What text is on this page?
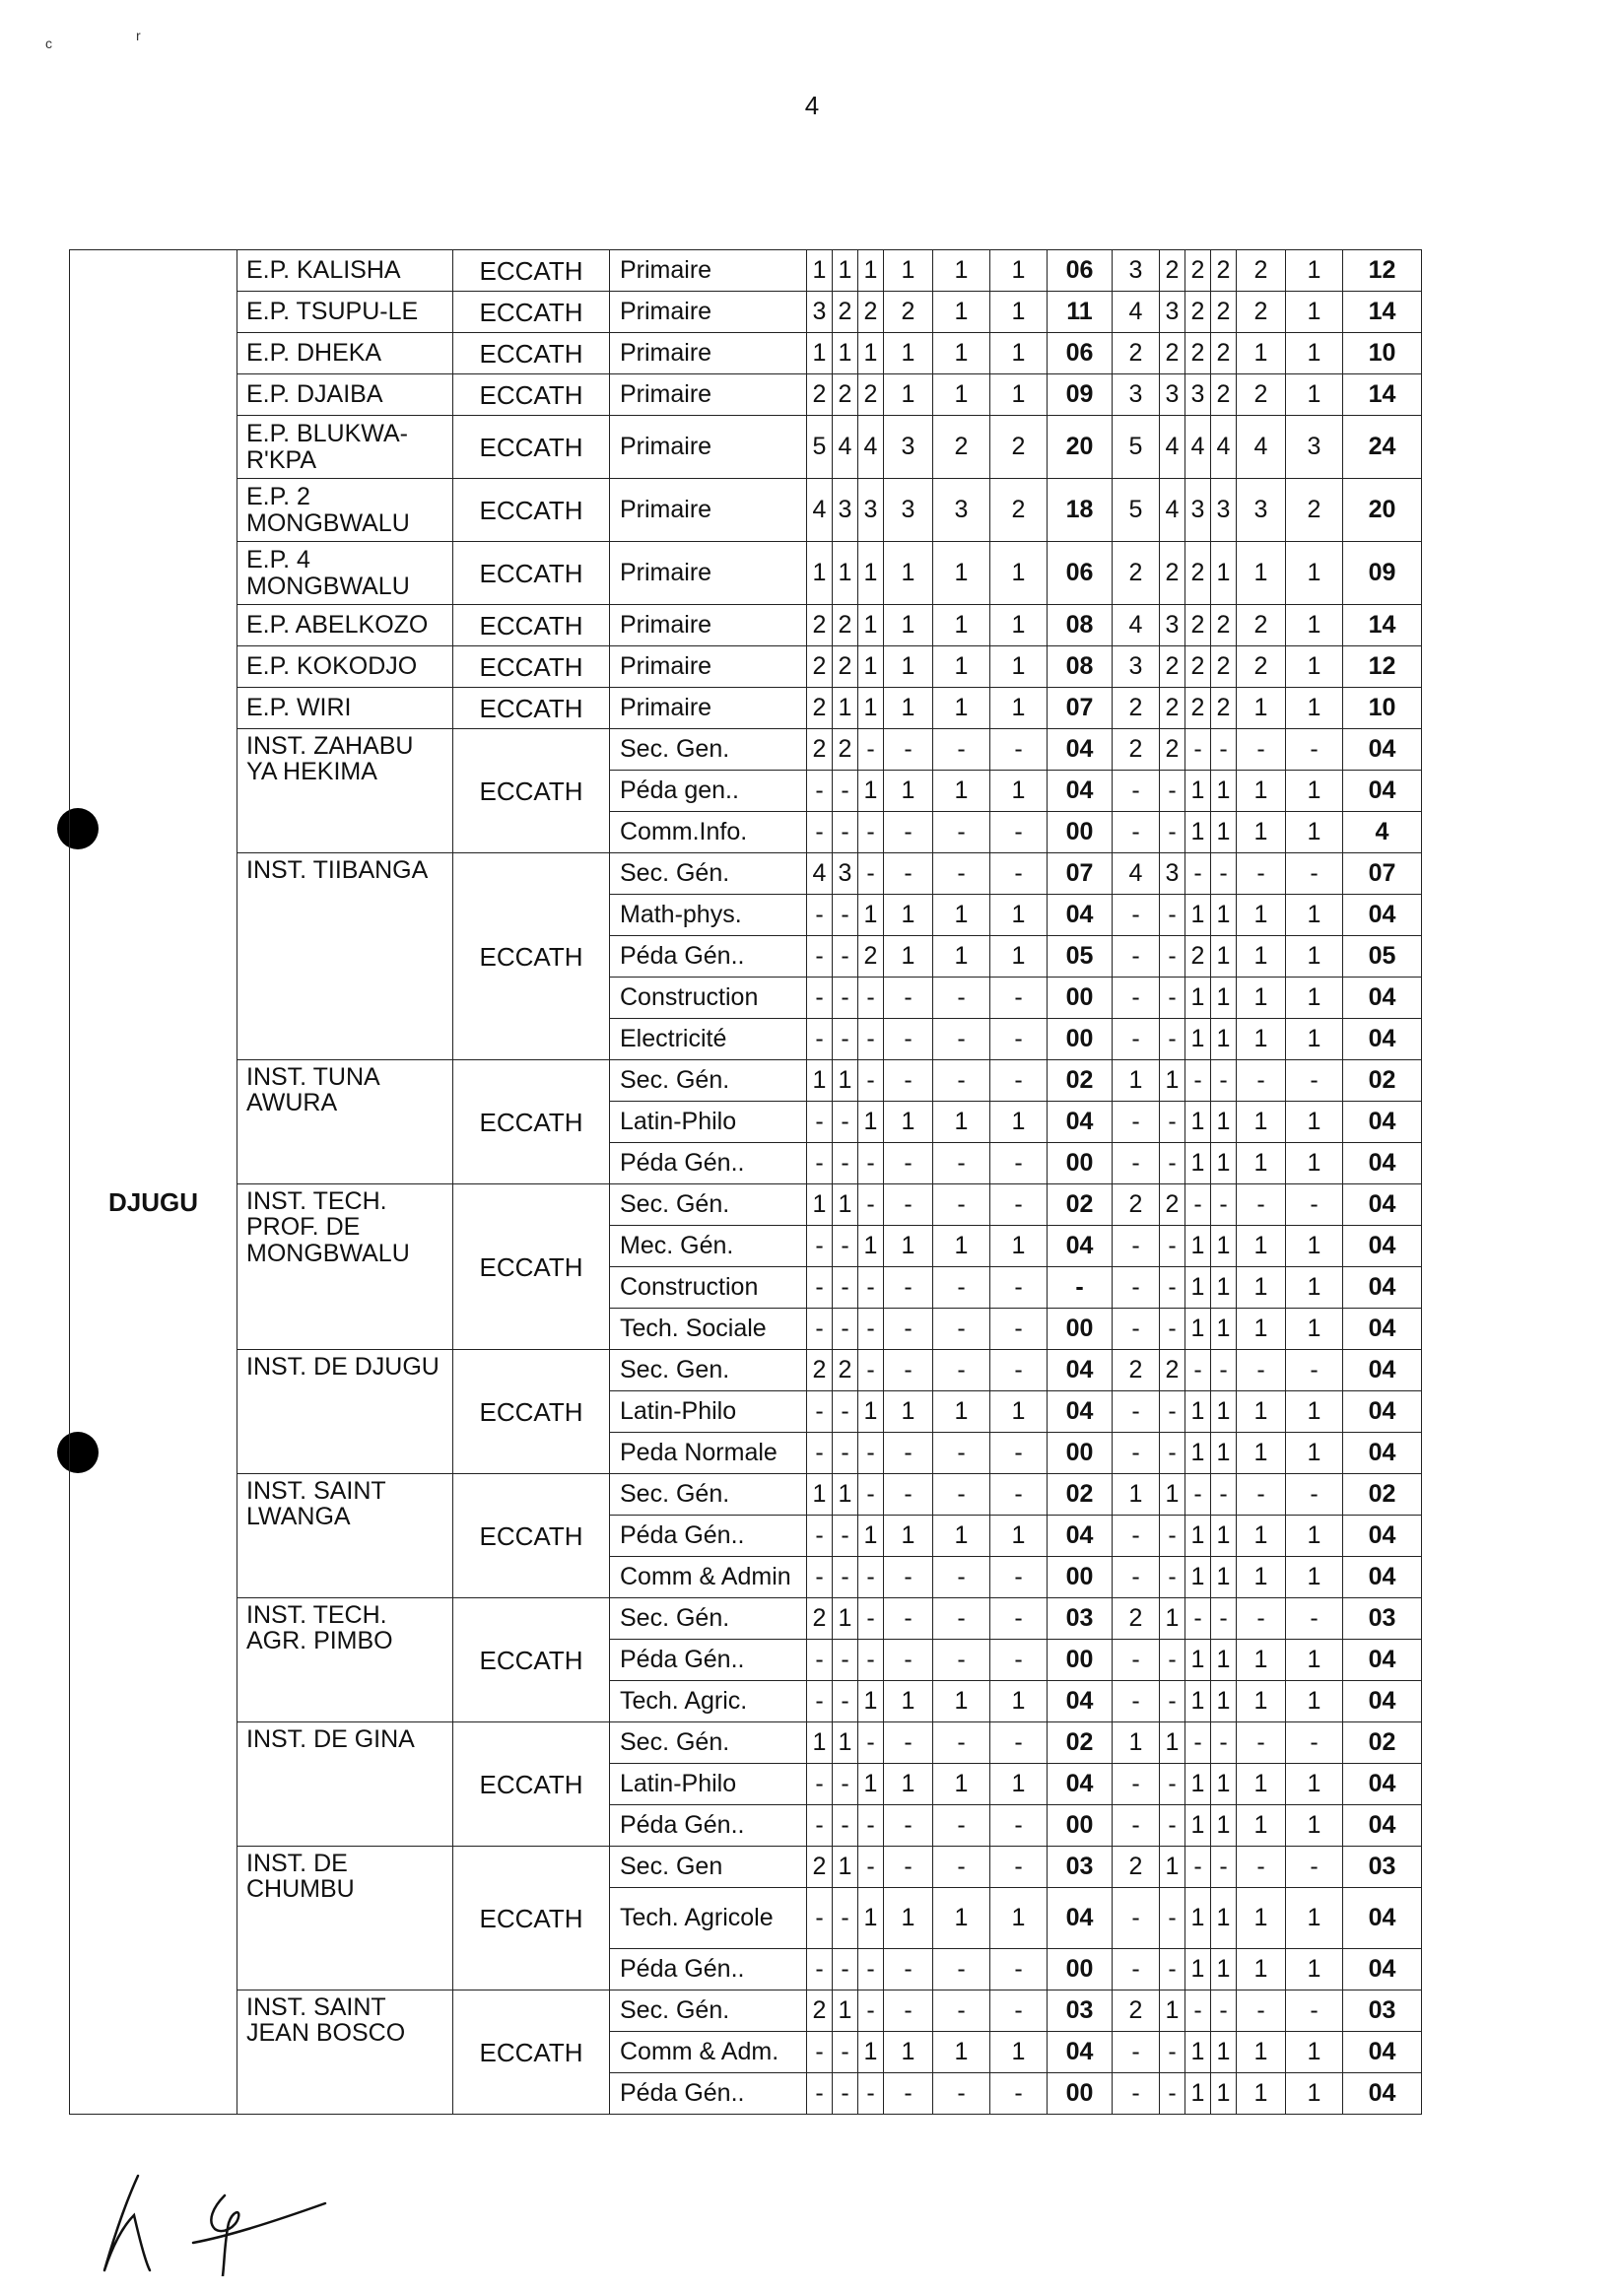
c	r
4
DJUGU	E.P. KALISHA	ECCATH	Primaire	1	1	1	1	1	1	06	3	2	2	2	2	1	12
	E.P. TSUPU-LE	ECCATH	Primaire	3	2	2	2	1	1	11	4	3	2	2	2	1	14
	E.P. DHEKA	ECCATH	Primaire	1	1	1	1	1	1	06	2	2	2	2	1	1	10
	E.P. DJAIBA	ECCATH	Primaire	2	2	2	1	1	1	09	3	3	3	2	2	1	14
	E.P. BLUKWA-R'KPA	ECCATH	Primaire	5	4	4	3	2	2	20	5	4	4	4	4	3	24
	E.P. 2 MONGBWALU	ECCATH	Primaire	4	3	3	3	3	2	18	5	4	3	3	3	2	20
	E.P. 4 MONGBWALU	ECCATH	Primaire	1	1	1	1	1	1	06	2	2	2	1	1	1	09
	E.P. ABELKOZO	ECCATH	Primaire	2	2	1	1	1	1	08	4	3	2	2	2	1	14
	E.P. KOKODJO	ECCATH	Primaire	2	2	1	1	1	1	08	3	2	2	2	2	1	12
	E.P. WIRI	ECCATH	Primaire	2	1	1	1	1	1	07	2	2	2	2	1	1	10
	INST. ZAHABU YA HEKIMA	ECCATH	Sec. Gen.	2	2	-	-	-	-	04	2	2	-	-	-	-	04
			Péda gen..	-	-	1	1	1	1	04	-	-	1	1	1	1	04
			Comm.Info.	-	-	-	-	-	-	00	-	-	1	1	1	1	4
	INST. TIIBANGA	ECCATH	Sec. Gén.	4	3	-	-	-	-	07	4	3	-	-	-	-	07
			Math-phys.	-	-	1	1	1	1	04	-	-	1	1	1	1	04
			Péda Gén..	-	-	2	1	1	1	05	-	-	2	1	1	1	05
			Construction	-	-	-	-	-	-	00	-	-	1	1	1	1	04
			Electricité	-	-	-	-	-	-	00	-	-	1	1	1	1	04
	INST. TUNA AWURA	ECCATH	Sec. Gén.	1	1	-	-	-	-	02	1	1	-	-	-	-	02
			Latin-Philo	-	-	1	1	1	1	04	-	-	1	1	1	1	04
			Péda Gén..	-	-	-	-	-	-	00	-	-	1	1	1	1	04
	INST. TECH. PROF. DE MONGBWALU	ECCATH	Sec. Gén.	1	1	-	-	-	-	02	2	2	-	-	-	-	04
			Mec. Gén.	-	-	1	1	1	1	04	-	-	1	1	1	1	04
			Construction	-	-	-	-	-	-	-	-	-	1	1	1	1	04
			Tech. Sociale	-	-	-	-	-	-	00	-	-	1	1	1	1	04
	INST. DE DJUGU	ECCATH	Sec. Gen.	2	2	-	-	-	-	04	2	2	-	-	-	-	04
			Latin-Philo	-	-	1	1	1	1	04	-	-	1	1	1	1	04
			Peda Normale	-	-	-	-	-	-	00	-	-	1	1	1	1	04
	INST. SAINT LWANGA	ECCATH	Sec. Gén.	1	1	-	-	-	-	02	1	1	-	-	-	-	02
			Péda Gén..	-	-	1	1	1	1	04	-	-	1	1	1	1	04
			Comm & Admin	-	-	-	-	-	-	00	-	-	1	1	1	1	04
	INST. TECH. AGR. PIMBO	ECCATH	Sec. Gén.	2	1	-	-	-	-	03	2	1	-	-	-	-	03
			Péda Gén..	-	-	-	-	-	-	00	-	-	1	1	1	1	04
			Tech. Agric.	-	-	1	1	1	1	04	-	-	1	1	1	1	04
	INST. DE GINA	ECCATH	Sec. Gén.	1	1	-	-	-	-	02	1	1	-	-	-	-	02
			Latin-Philo	-	-	1	1	1	1	04	-	-	1	1	1	1	04
			Péda Gén..	-	-	-	-	-	-	00	-	-	1	1	1	1	04
	INST. DE CHUMBU	ECCATH	Sec. Gen	2	1	-	-	-	-	03	2	1	-	-	-	-	03
			Tech. Agricole	-	-	1	1	1	1	04	-	-	1	1	1	1	04
			Péda Gén..	-	-	-	-	-	-	00	-	-	1	1	1	1	04
	INST. SAINT JEAN BOSCO	ECCATH	Sec. Gén.	2	1	-	-	-	-	03	2	1	-	-	-	-	03
			Comm & Adm.	-	-	1	1	1	1	04	-	-	1	1	1	1	04
			Péda Gén..	-	-	-	-	-	-	00	-	-	1	1	1	1	04
